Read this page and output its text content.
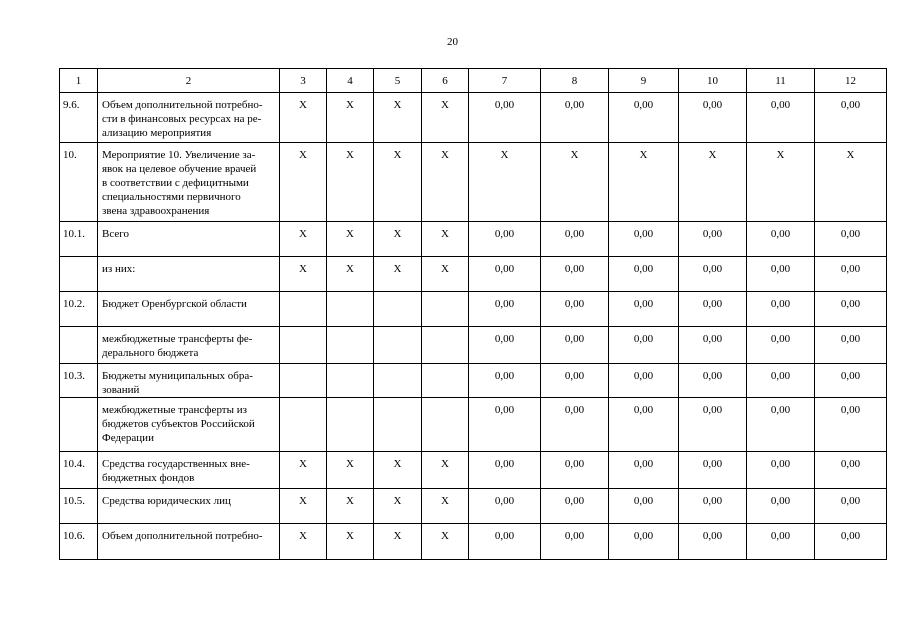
20
1	2	3	4	5	6	7	8	9	10	11	12
9.6.	Объем дополнительной потребно-
сти в финансовых ресурсах на ре-
ализацию мероприятия	X	X	X	X	0,00	0,00	0,00	0,00	0,00	0,00
10.	Мероприятие 10. Увеличение за-
явок на целевое обучение врачей
в соответствии с дефицитными
специальностями первичного
звена здравоохранения	X	X	X	X	X	X	X	X	X	X
10.1.	Всего	X	X	X	X	0,00	0,00	0,00	0,00	0,00	0,00
	из них:	X	X	X	X	0,00	0,00	0,00	0,00	0,00	0,00
10.2.	Бюджет Оренбургской области					0,00	0,00	0,00	0,00	0,00	0,00
	межбюджетные трансферты фе-
дерального бюджета					0,00	0,00	0,00	0,00	0,00	0,00
10.3.	Бюджеты муниципальных обра-
зований					0,00	0,00	0,00	0,00	0,00	0,00
	межбюджетные трансферты из
бюджетов субъектов Российской
Федерации					0,00	0,00	0,00	0,00	0,00	0,00
10.4.	Средства государственных вне-
бюджетных фондов	X	X	X	X	0,00	0,00	0,00	0,00	0,00	0,00
10.5.	Средства юридических лиц	X	X	X	X	0,00	0,00	0,00	0,00	0,00	0,00
10.6.	Объем дополнительной потребно-	X	X	X	X	0,00	0,00	0,00	0,00	0,00	0,00
